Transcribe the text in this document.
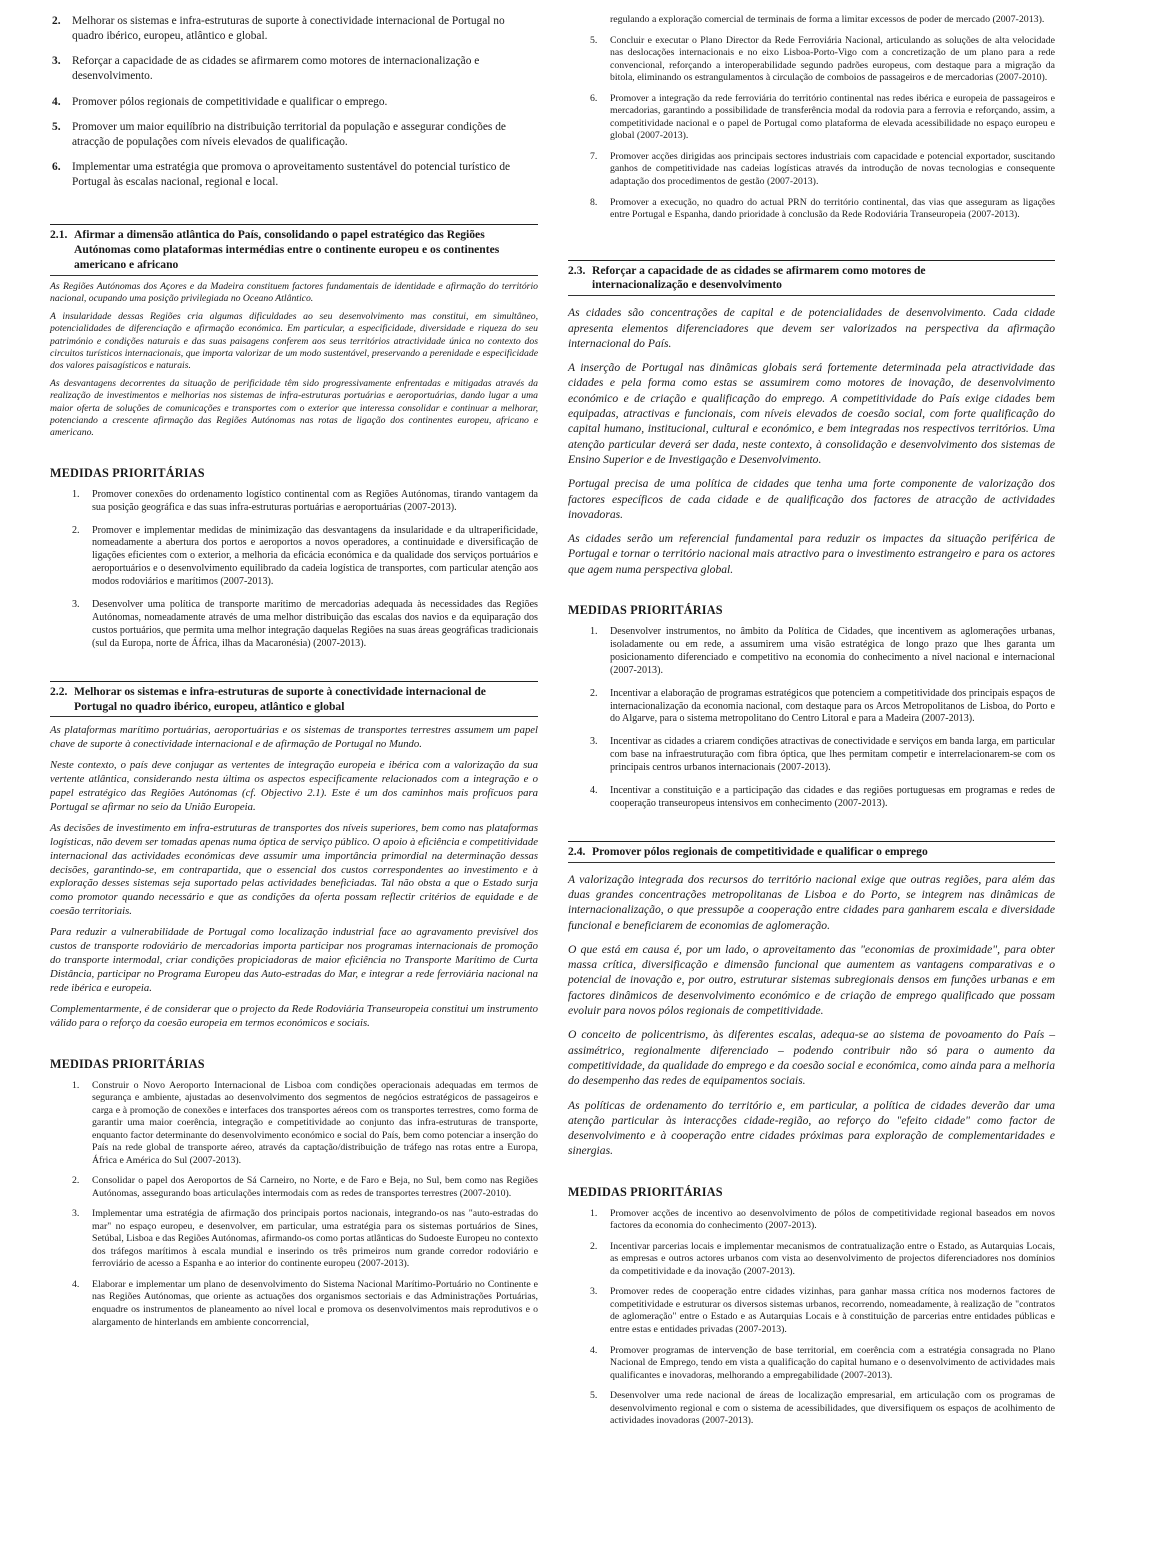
2. Melhorar os sistemas e infra-estruturas de suporte à conectividade internacional de Portugal no quadro ibérico, europeu, atlântico e global.
3. Reforçar a capacidade de as cidades se afirmarem como motores de internacionalização e desenvolvimento.
4. Promover pólos regionais de competitividade e qualificar o emprego.
5. Promover um maior equilíbrio na distribuição territorial da população e assegurar condições de atracção de populações com níveis elevados de qualificação.
6. Implementar uma estratégia que promova o aproveitamento sustentável do potencial turístico de Portugal às escalas nacional, regional e local.
2.1. Afirmar a dimensão atlântica do País, consolidando o papel estratégico das Regiões
Autónomas como plataformas intermédias entre o continente europeu e os continentes americano e africano

As Regiões Autónomas dos Açores e da Madeira constituem factores fundamentais de identidade e afirmação do território nacional, ocupando uma posição privilegiada no Oceano Atlântico.

A insularidade dessas Regiões cria algumas dificuldades ao seu desenvolvimento mas constitui, em simultâneo, potencialidades de diferenciação e afirmação económica. Em particular, a especificidade, diversidade e riqueza do seu património e condições naturais e das suas paisagens conferem aos seus territórios atractividade única no contexto dos circuitos turísticos internacionais, que importa valorizar de um modo sustentável, preservando a perenidade e especificidade dos valores paisagísticos e naturais.

As desvantagens decorrentes da situação de perificidade têm sido progressivamente enfrentadas e mitigadas através da realização de investimentos e melhorias nos sistemas de infra-estruturas portuárias e aeroportuárias, dando lugar a uma maior oferta de soluções de comunicações e transportes com o exterior que interessa consolidar e continuar a melhorar, potenciando a crescente afirmação das Regiões Autónomas nas rotas de ligação dos continentes europeu, africano e americano.

MEDIDAS PRIORITÁRIAS
1. Promover conexões do ordenamento logístico continental com as Regiões Autónomas, tirando vantagem da sua posição geográfica e das suas infra-estruturas portuárias e aeroportuárias (2007-2013).
2. Promover e implementar medidas de minimização das desvantagens da insularidade e da ultraperificidade, nomeadamente a abertura dos portos e aeroportos a novos operadores, a continuidade e diversificação de ligações eficientes com o exterior, a melhoria da eficácia económica e da qualidade dos serviços portuários e aeroportuários e o desenvolvimento equilibrado da cadeia logística de transportes, com particular atenção aos modos rodoviários e marítimos (2007-2013).
3. Desenvolver uma política de transporte marítimo de mercadorias adequada às necessidades das Regiões Autónomas, nomeadamente através de uma melhor distribuição das escalas dos navios e da equiparação dos custos portuários, que permita uma melhor integração daquelas Regiões na suas áreas geográficas tradicionais (sul da Europa, norte de África, ilhas da Macaronésia) (2007-2013).
2.2. Melhorar os sistemas e infra-estruturas de suporte à conectividade internacional de
Portugal no quadro ibérico, europeu, atlântico e global

As plataformas marítimo portuárias, aeroportuárias e os sistemas de transportes terrestres assumem um papel chave de suporte à conectividade internacional e de afirmação de Portugal no Mundo.

Neste contexto, o país deve conjugar as vertentes de integração europeia e ibérica com a valorização da sua vertente atlântica, considerando nesta última os aspectos especificamente relacionados com a integração e o papel estratégico das Regiões Autónomas (cf. Objectivo 2.1). Este é um dos caminhos mais profícuos para Portugal se afirmar no seio da União Europeia.

As decisões de investimento em infra-estruturas de transportes dos níveis superiores, bem como nas plataformas logísticas, não devem ser tomadas apenas numa óptica de serviço público. O apoio à eficiência e competitividade internacional das actividades económicas deve assumir uma importância primordial na determinação dessas decisões, garantindo-se, em contrapartida, que o essencial dos custos correspondentes ao investimento e à exploração desses sistemas seja suportado pelas actividades beneficiadas. Tal não obsta a que o Estado surja como promotor quando necessário e que as condições da oferta possam reflectir critérios de equidade e de coesão territoriais.

Para reduzir a vulnerabilidade de Portugal como localização industrial face ao agravamento previsível dos custos de transporte rodoviário de mercadorias importa participar nos programas internacionais de promoção do transporte intermodal, criar condições propiciadoras de maior eficiência no Transporte Marítimo de Curta Distância, participar no Programa Europeu das Auto-estradas do Mar, e integrar a rede ferroviária nacional na rede ibérica e europeia.

Complementarmente, é de considerar que o projecto da Rede Rodoviária Transeuropeia constitui um instrumento válido para o reforço da coesão europeia em termos económicos e sociais.

MEDIDAS PRIORITÁRIAS
1. Construir o Novo Aeroporto Internacional de Lisboa com condições operacionais adequadas em termos de segurança e ambiente, ajustadas ao desenvolvimento dos segmentos de negócios estratégicos de passageiros e carga e à promoção de conexões e interfaces dos transportes aéreos com os transportes terrestres, como forma de garantir uma maior coerência, integração e competitividade ao conjunto das infra-estruturas de transporte, enquanto factor determinante do desenvolvimento económico e social do País, bem como potenciar a inserção do País na rede global de transporte aéreo, através da captação/distribuição de tráfego nas rotas entre a Europa, África e América do Sul (2007-2013).
2. Consolidar o papel dos Aeroportos de Sá Carneiro, no Norte, e de Faro e Beja, no Sul, bem como nas Regiões Autónomas, assegurando boas articulações intermodais com as redes de transportes terrestres (2007-2010).
3. Implementar uma estratégia de afirmação dos principais portos nacionais, integrando-os nas "auto-estradas do mar" no espaço europeu, e desenvolver, em particular, uma estratégia para os sistemas portuários de Sines, Setúbal, Lisboa e das Regiões Autónomas, afirmando-os como portas atlânticas do Sudoeste Europeu no contexto dos tráfegos marítimos à escala mundial e inserindo os três primeiros num grande corredor rodoviário e ferroviário de acesso a Espanha e ao interior do continente europeu (2007-2013).
4. Elaborar e implementar um plano de desenvolvimento do Sistema Nacional Marítimo-Portuário no Continente e nas Regiões Autónomas, que oriente as actuações dos organismos sectoriais e das Administrações Portuárias, enquadre os instrumentos de planeamento ao nível local e promova os desenvolvimentos mais reprodutivos e o alargamento de hinterlands em ambiente concorrencial,

regulando a exploração comercial de terminais de forma a limitar excessos de poder de mercado (2007-2013).

5. Concluir e executar o Plano Director da Rede Ferroviária Nacional, articulando as soluções de alta velocidade nas deslocações internacionais e no eixo Lisboa-Porto-Vigo com a concretização de um plano para a rede convencional, reforçando a interoperabilidade segundo padrões europeus, com destaque para a migração da bitola, eliminando os estrangulamentos à circulação de comboios de passageiros e de mercadorias (2007-2010).
6. Promover a integração da rede ferroviária do território continental nas redes ibérica e europeia de passageiros e mercadorias, garantindo a possibilidade de transferência modal da rodovia para a ferrovia e reforçando, assim, a competitividade nacional e o papel de Portugal como plataforma de elevada acessibilidade no espaço europeu e global (2007-2013).
7. Promover acções dirigidas aos principais sectores industriais com capacidade e potencial exportador, suscitando ganhos de competitividade nas cadeias logísticas através da introdução de novas tecnologias e consequente adaptação dos procedimentos de gestão (2007-2013).
8. Promover a execução, no quadro do actual PRN do território continental, das vias que asseguram as ligações entre Portugal e Espanha, dando prioridade à conclusão da Rede Rodoviária Transeuropeia (2007-2013).
2.3. Reforçar a capacidade de as cidades se afirmarem como motores de
internacionalização e desenvolvimento

As cidades são concentrações de capital e de potencialidades de desenvolvimento. Cada cidade apresenta elementos diferenciadores que devem ser valorizados na perspectiva da afirmação internacional do País.

A inserção de Portugal nas dinâmicas globais será fortemente determinada pela atractividade das cidades e pela forma como estas se assumirem como motores de inovação, de desenvolvimento económico e de criação e qualificação do emprego. A competitividade do País exige cidades bem equipadas, atractivas e funcionais, com níveis elevados de coesão social, com forte qualificação do capital humano, institucional, cultural e económico, e bem integradas nos respectivos territórios. Uma atenção particular deverá ser dada, neste contexto, à consolidação e desenvolvimento dos sistemas de Ensino Superior e de Investigação e Desenvolvimento.

Portugal precisa de uma política de cidades que tenha uma forte componente de valorização dos factores específicos de cada cidade e de qualificação dos factores de atracção de actividades inovadoras.

As cidades serão um referencial fundamental para reduzir os impactes da situação periférica de Portugal e tornar o território nacional mais atractivo para o investimento estrangeiro e para os actores que agem numa perspectiva global.

MEDIDAS PRIORITÁRIAS
1. Desenvolver instrumentos, no âmbito da Política de Cidades, que incentivem as aglomerações urbanas, isoladamente ou em rede, a assumirem uma visão estratégica de longo prazo que lhes garanta um posicionamento diferenciado e competitivo na economia do conhecimento a nível nacional e internacional (2007-2013).
2. Incentivar a elaboração de programas estratégicos que potenciem a competitividade dos principais espaços de internacionalização da economia nacional, com destaque para os Arcos Metropolitanos de Lisboa, do Porto e do Algarve, para o sistema metropolitano do Centro Litoral e para a Madeira (2007-2013).
3. Incentivar as cidades a criarem condições atractivas de conectividade e serviços em banda larga, em particular com base na infraestruturação com fibra óptica, que lhes permitam competir e interrelacionarem-se com os principais centros urbanos internacionais (2007-2013).
4. Incentivar a constituição e a participação das cidades e das regiões portuguesas em programas e redes de cooperação transeuropeus intensivos em conhecimento (2007-2013).
2.4. Promover pólos regionais de competitividade e qualificar o emprego

A valorização integrada dos recursos do território nacional exige que outras regiões, para além das duas grandes concentrações metropolitanas de Lisboa e do Porto, se integrem nas dinâmicas de internacionalização, o que pressupõe a cooperação entre cidades para ganharem escala e diversidade funcional e beneficiarem de economias de aglomeração.

O que está em causa é, por um lado, o aproveitamento das "economias de proximidade", para obter massa crítica, diversificação e dimensão funcional que aumentem as vantagens comparativas e o potencial de inovação e, por outro, estruturar sistemas subregionais densos em funções urbanas e em factores dinâmicos de desenvolvimento económico e de criação de emprego qualificado que possam evoluir para novos pólos regionais de competitividade.

O conceito de policentrismo, às diferentes escalas, adequa-se ao sistema de povoamento do País – assimétrico, regionalmente diferenciado – podendo contribuir não só para o aumento da competitividade, da qualidade do emprego e da coesão social e económica, como ainda para a melhoria do desempenho das redes de equipamentos sociais.

As políticas de ordenamento do território e, em particular, a política de cidades deverão dar uma atenção particular às interacções cidade-região, ao reforço do "efeito cidade" como factor de desenvolvimento e à cooperação entre cidades próximas para exploração de complementaridades e sinergias.

MEDIDAS PRIORITÁRIAS
1. Promover acções de incentivo ao desenvolvimento de pólos de competitividade regional baseados em novos factores da economia do conhecimento (2007-2013).
2. Incentivar parcerias locais e implementar mecanismos de contratualização entre o Estado, as Autarquias Locais, as empresas e outros actores urbanos com vista ao desenvolvimento de projectos diferenciadores nos domínios da competitividade e da inovação (2007-2013).
3. Promover redes de cooperação entre cidades vizinhas, para ganhar massa crítica nos modernos factores de competitividade e estruturar os diversos sistemas urbanos, recorrendo, nomeadamente, à realização de "contratos de aglomeração" entre o Estado e as Autarquias Locais e à constituição de parcerias entre entidades públicas e entre estas e entidades privadas (2007-2013).
4. Promover programas de intervenção de base territorial, em coerência com a estratégia consagrada no Plano Nacional de Emprego, tendo em vista a qualificação do capital humano e o desenvolvimento de actividades mais qualificantes e inovadoras, melhorando a empregabilidade (2007-2013).
5. Desenvolver uma rede nacional de áreas de localização empresarial, em articulação com os programas de desenvolvimento regional e com o sistema de acessibilidades, que diversifiquem os espaços de acolhimento de actividades inovadoras (2007-2013).
